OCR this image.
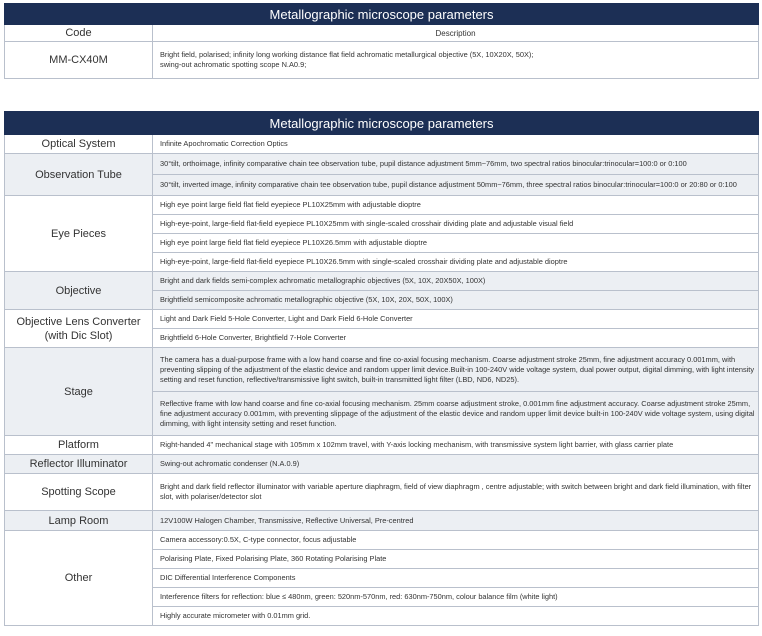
Metallographic microscope parameters	
Code	Description
MM-CX40M	Bright field, polarised; infinity long working distance flat field achromatic metallurgical objective (5X, 10X20X, 50X);
swing-out achromatic spotting scope N.A0.9;
Metallographic microscope parameters	
Optical System	Infinite Apochromatic Correction Optics
Observation Tube	30°tilt, orthoimage, infinity comparative chain tee observation tube, pupil distance adjustment 5mm~76mm, two spectral ratios binocular:trinocular=100:0 or 0:100
	30°tilt, inverted image, infinity comparative chain tee observation tube, pupil distance adjustment 50mm~76mm, three spectral ratios binocular:trinocular=100:0 or 20:80 or 0:100
Eye Pieces	High eye point large field flat field eyepiece PL10X25mm with adjustable dioptre
	High-eye-point, large-field flat-field eyepiece PL10X25mm with single-scaled crosshair dividing plate and adjustable visual field
	High eye point large field flat field eyepiece PL10X26.5mm with adjustable dioptre
	High-eye-point, large-field flat-field eyepiece PL10X26.5mm with single-scaled crosshair dividing plate and adjustable dioptre
Objective	Bright and dark fields semi-complex achromatic metallographic objectives (5X, 10X, 20X50X, 100X)
	Brightfield semicomposite achromatic metallographic objective (5X, 10X, 20X, 50X, 100X)

Objective Lens Converter
(with Dic Slot)	Light and Dark Field 5-Hole Converter, Light and Dark Field 6-Hole Converter
	Brightfield 6-Hole Converter, Brightfield 7-Hole Converter
Stage	The camera has a dual-purpose frame with a low hand coarse and fine co-axial focusing mechanism. Coarse adjustment stroke 25mm, fine adjustment accuracy 0.001mm, with preventing slipping of the adjustment of the elastic device and random upper limit device.Built-in 100-240V wide voltage system, dual power output, digital dimming, with light intensity setting and reset function, reflective/transmissive light switch, built-in transmitted light filter (LBD, ND6, ND25).
	Reflective frame with low hand coarse and fine co-axial focusing mechanism. 25mm coarse adjustment stroke, 0.001mm fine adjustment accuracy. Coarse adjustment stroke 25mm, fine adjustment accuracy 0.001mm, with preventing slippage of the adjustment of the elastic device and random upper limit device built-in 100-240V wide voltage system, using digital dimming, with light intensity setting and reset function.
Platform	Right-handed 4" mechanical stage with 105mm x 102mm travel, with Y-axis locking mechanism, with transmissive system light barrier, with glass carrier plate
Reflector Illuminator	Swing-out achromatic condenser (N.A.0.9)
Spotting Scope	Bright and dark field reflector illuminator with variable aperture diaphragm, field of view diaphragm , centre adjustable; with switch between bright and dark field illumination, with filter slot, with polariser/detector slot
Lamp Room	12V100W Halogen Chamber, Transmissive, Reflective Universal, Pre-centred
Other	Camera accessory:0.5X, C-type connector, focus adjustable
	Polarising Plate, Fixed Polarising Plate, 360 Rotating Polarising Plate
	DIC Differential Interference Components
	Interference filters for reflection: blue ≤ 480nm, green: 520nm-570nm, red: 630nm-750nm, colour balance film (white light)
	Highly accurate micrometer with 0.01mm grid.
